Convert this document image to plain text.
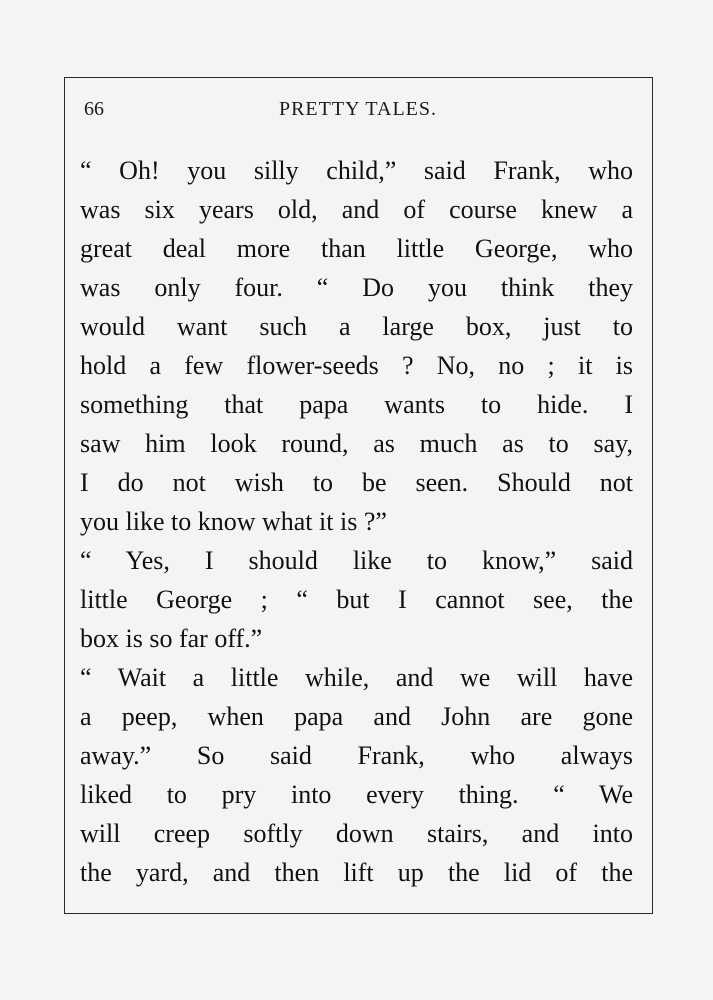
66	PRETTY TALES.
“ Oh! you silly child,” said Frank, who
was six years old, and of course knew a
great deal more than little George, who
was only four. “ Do you think they
would want such a large box, just to
hold a few flower-seeds ? No, no ; it is
something that papa wants to hide. I
saw him look round, as much as to say,
I do not wish to be seen. Should not
you like to know what it is ?”
“ Yes, I should like to know,” said
little George ; “ but I cannot see, the
box is so far off.”
“ Wait a little while, and we will have
a peep, when papa and John are gone
away.” So said Frank, who always
liked to pry into every thing. “ We
will creep softly down stairs, and into
the yard, and then lift up the lid of the
